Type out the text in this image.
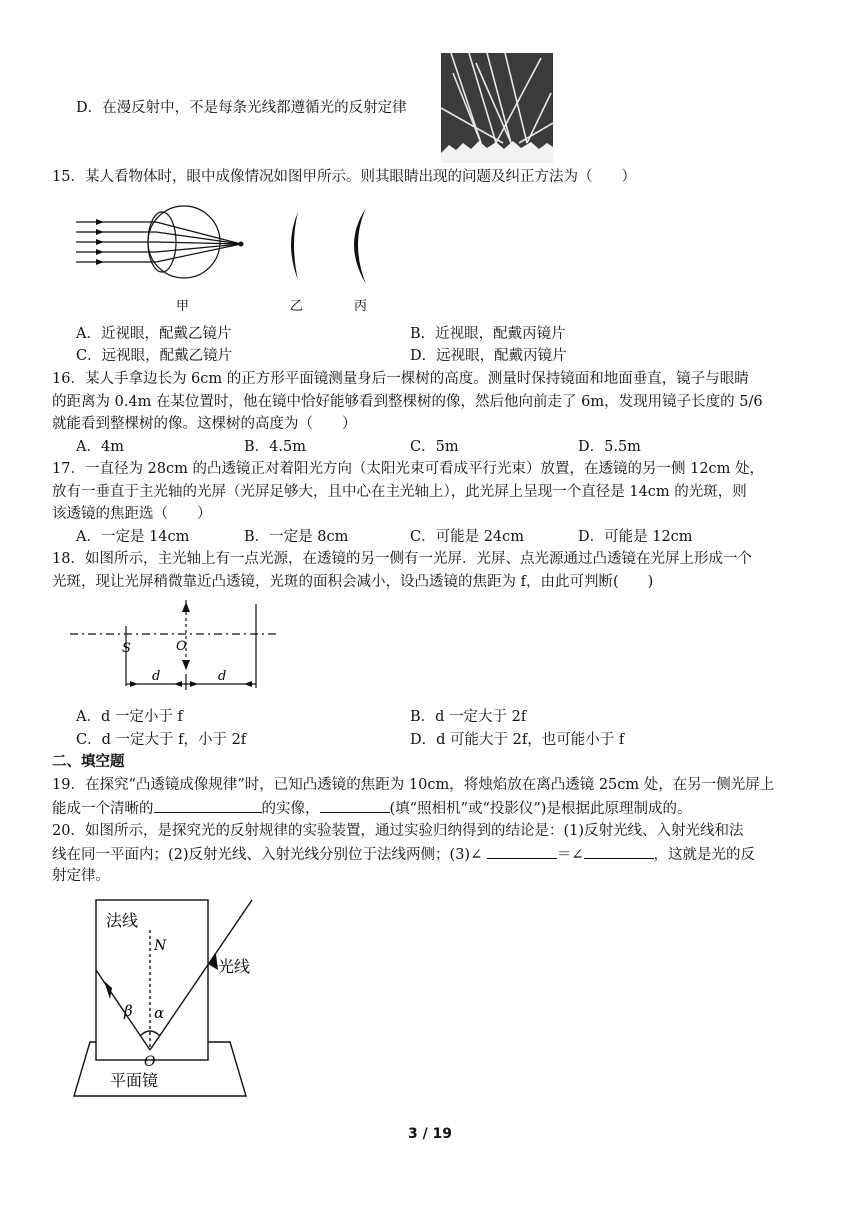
D．在漫反射中，不是每条光线都遵循光的反射定律
15．某人看物体时，眼中成像情况如图甲所示。则其眼睛出现的问题及纠正方法为（　　）
甲	乙	丙
A．近视眼，配戴乙镜片	B．近视眼，配戴丙镜片
C．远视眼，配戴乙镜片	D．远视眼，配戴丙镜片
16．某人手拿边长为 6cm 的正方形平面镜测量身后一棵树的高度。测量时保持镜面和地面垂直，镜子与眼睛
的距离为 0.4m 在某位置时，他在镜中恰好能够看到整棵树的像，然后他向前走了 6m，发现用镜子长度的 5/6
就能看到整棵树的像。这棵树的高度为（　　）
A．4m	B．4.5m	C．5m	D．5.5m
17．一直径为 28cm 的凸透镜正对着阳光方向（太阳光束可看成平行光束）放置，在透镜的另一侧 12cm 处，
放有一垂直于主光轴的光屏（光屏足够大，且中心在主光轴上），此光屏上呈现一个直径是 14cm 的光斑，则
该透镜的焦距选（　　）
A．一定是 14cm	B．一定是 8cm	C．可能是 24cm	D．可能是 12cm
18．如图所示，主光轴上有一点光源，在透镜的另一侧有一光屏．光屏、点光源通过凸透镜在光屏上形成一个
光斑，现让光屏稍微靠近凸透镜，光斑的面积会减小，设凸透镜的焦距为 f，由此可判断(　　)
S	O
d	d
A．d 一定小于 f	B．d 一定大于 2f
C．d 一定大于 f，小于 2f	D．d 可能大于 2f，也可能小于 f
二、填空题
19．在探究“凸透镜成像规律”时，已知凸透镜的焦距为 10cm，将烛焰放在离凸透镜 25cm 处，在另一侧光屏上
能成一个清晰的	的实像，	(填“照相机”或“投影仪”)是根据此原理制成的。
20．如图所示，是探究光的反射规律的实验装置，通过实验归纳得到的结论是：(1)反射光线、入射光线和法
线在同一平面内；(2)反射光线、入射光线分别位于法线两侧；(3)∠	＝∠	，这就是光的反
射定律。
法线
N
光线
β α
O
平面镜
3 / 19
